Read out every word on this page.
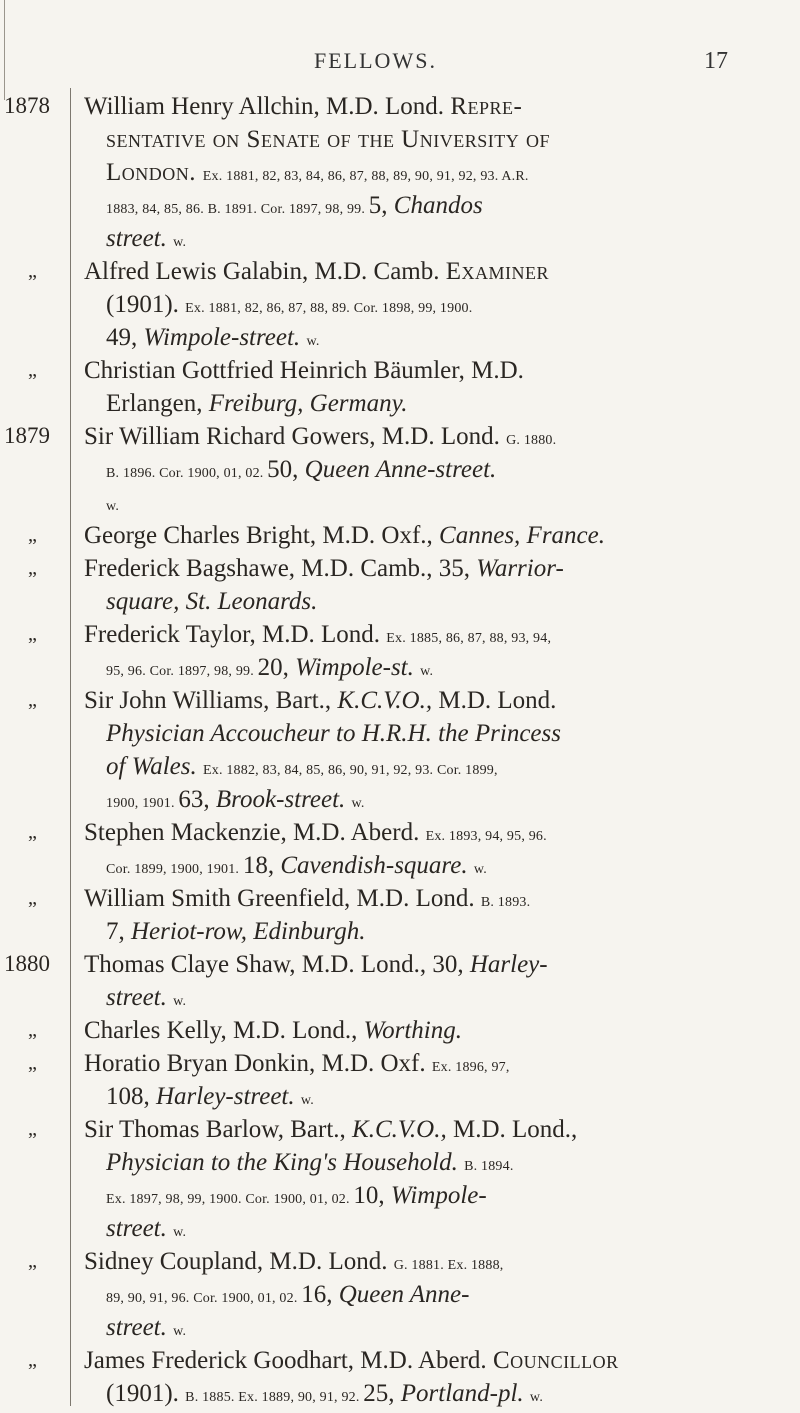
FELLOWS.	17
1878
„
„
1879
„
„
„
„
„
„
1880
„
„
„
„
„
William Henry Allchin, M.D. Lond. Repre-
sentative on Senate of the University of
London. Ex. 1881, 82, 83, 84, 86, 87, 88, 89, 90, 91, 92, 93. A.R.
1883, 84, 85, 86. B. 1891. Cor. 1897, 98, 99. 5, Chandos
street. w.
Alfred Lewis Galabin, M.D. Camb. Examiner
(1901). Ex. 1881, 82, 86, 87, 88, 89. Cor. 1898, 99, 1900.
49, Wimpole-street. w.
Christian Gottfried Heinrich Bäumler, M.D.
Erlangen, Freiburg, Germany.
Sir William Richard Gowers, M.D. Lond. G. 1880.
B. 1896. Cor. 1900, 01, 02. 50, Queen Anne-street.
w.
George Charles Bright, M.D. Oxf., Cannes, France.
Frederick Bagshawe, M.D. Camb., 35, Warrior-
square, St. Leonards.
Frederick Taylor, M.D. Lond. Ex. 1885, 86, 87, 88, 93, 94,
95, 96. Cor. 1897, 98, 99. 20, Wimpole-st. w.
Sir John Williams, Bart., K.C.V.O., M.D. Lond.
Physician Accoucheur to H.R.H. the Princess
of Wales. Ex. 1882, 83, 84, 85, 86, 90, 91, 92, 93. Cor. 1899,
1900, 1901. 63, Brook-street. w.
Stephen Mackenzie, M.D. Aberd. Ex. 1893, 94, 95, 96.
Cor. 1899, 1900, 1901. 18, Cavendish-square. w.
William Smith Greenfield, M.D. Lond. B. 1893.
7, Heriot-row, Edinburgh.
Thomas Claye Shaw, M.D. Lond., 30, Harley-
street. w.
Charles Kelly, M.D. Lond., Worthing.
Horatio Bryan Donkin, M.D. Oxf. Ex. 1896, 97,
108, Harley-street. w.
Sir Thomas Barlow, Bart., K.C.V.O., M.D. Lond.,
Physician to the King's Household. B. 1894.
Ex. 1897, 98, 99, 1900. Cor. 1900, 01, 02. 10, Wimpole-
street. w.
Sidney Coupland, M.D. Lond. G. 1881. Ex. 1888,
89, 90, 91, 96. Cor. 1900, 01, 02. 16, Queen Anne-
street. w.
James Frederick Goodhart, M.D. Aberd. Councillor
(1901). B. 1885. Ex. 1889, 90, 91, 92. 25, Portland-pl. w.
